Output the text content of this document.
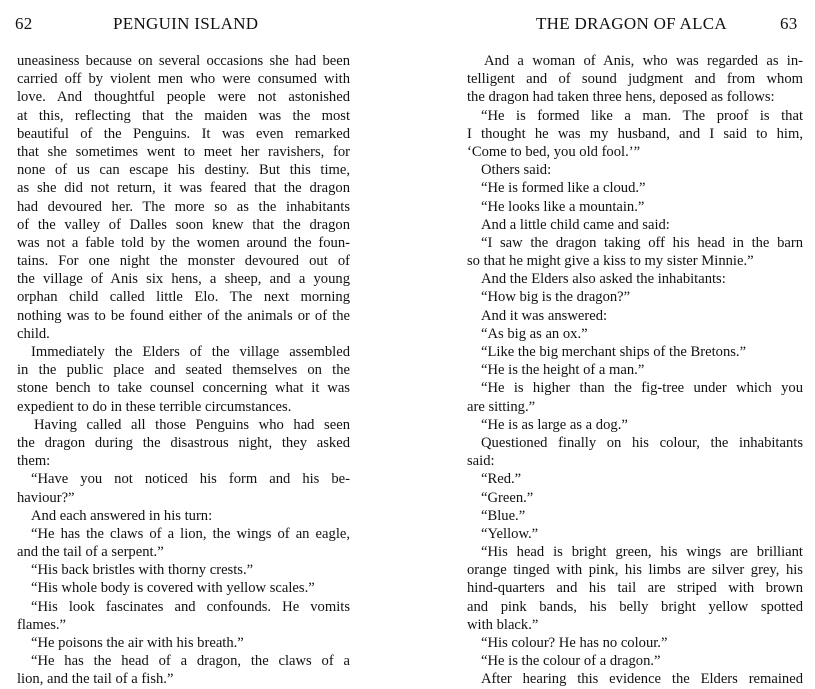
62	PENGUIN ISLAND
uneasiness because on several occasions she had been
carried off by violent men who were consumed with
love. And thoughtful people were not astonished
at this, reflecting that the maiden was the most
beautiful of the Penguins. It was even remarked
that she sometimes went to meet her ravishers, for
none of us can escape his destiny. But this time,
as she did not return, it was feared that the dragon
had devoured her. The more so as the inhabitants
of the valley of Dalles soon knew that the dragon
was not a fable told by the women around the foun-
tains. For one night the monster devoured out of
the village of Anis six hens, a sheep, and a young
orphan child called little Elo. The next morning
nothing was to be found either of the animals or of the
child.
Immediately the Elders of the village assembled
in the public place and seated themselves on the
stone bench to take counsel concerning what it was
expedient to do in these terrible circumstances.
Having called all those Penguins who had seen
the dragon during the disastrous night, they asked
them:
“Have you not noticed his form and his be-
haviour?”
And each answered in his turn:
“He has the claws of a lion, the wings of an eagle,
and the tail of a serpent.”
“His back bristles with thorny crests.”
“His whole body is covered with yellow scales.”
“His look fascinates and confounds. He vomits
flames.”
“He poisons the air with his breath.”
“He has the head of a dragon, the claws of a
lion, and the tail of a fish.”
THE DRAGON OF ALCA	63
And a woman of Anis, who was regarded as in-
telligent and of sound judgment and from whom
the dragon had taken three hens, deposed as follows:
“He is formed like a man. The proof is that
I thought he was my husband, and I said to him,
‘Come to bed, you old fool.’”
Others said:
“He is formed like a cloud.”
“He looks like a mountain.”
And a little child came and said:
“I saw the dragon taking off his head in the barn
so that he might give a kiss to my sister Minnie.”
And the Elders also asked the inhabitants:
“How big is the dragon?”
And it was answered:
“As big as an ox.”
“Like the big merchant ships of the Bretons.”
“He is the height of a man.”
“He is higher than the fig-tree under which you
are sitting.”
“He is as large as a dog.”
Questioned finally on his colour, the inhabitants
said:
“Red.”
“Green.”
“Blue.”
“Yellow.”
“His head is bright green, his wings are brilliant
orange tinged with pink, his limbs are silver grey, his
hind-quarters and his tail are striped with brown
and pink bands, his belly bright yellow spotted
with black.”
“His colour? He has no colour.”
“He is the colour of a dragon.”
After hearing this evidence the Elders remained
